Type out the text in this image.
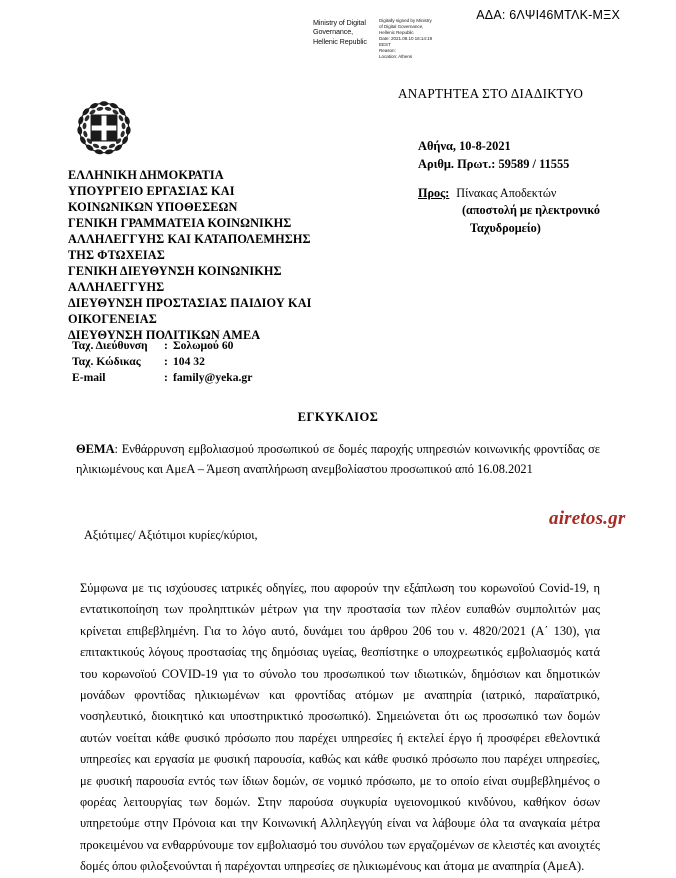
ΑΔΑ: 6ΛΨΙ46ΜΤΛΚ-ΜΞΧ
Ministry of Digital Governance, Hellenic Republic
Digitally signed by Ministry
of Digital Governance,
Hellenic Republic
Date: 2021.08.10 16:14:19
EEST
Reason:
Location: Athens
ΑΝΑΡΤΗΤΕΑ ΣΤΟ ΔΙΑΔΙΚΤΥΟ
Αθήνα, 10-8-2021
Αριθμ. Πρωτ.: 59589 / 11555
Προς: Πίνακας Αποδεκτών
(αποστολή με ηλεκτρονικό
Ταχυδρομείο)
ΕΛΛΗΝΙΚΗ ΔΗΜΟΚΡΑΤΙΑ
ΥΠΟΥΡΓΕΙΟ ΕΡΓΑΣΙΑΣ ΚΑΙ
ΚΟΙΝΩΝΙΚΩΝ ΥΠΟΘΕΣΕΩΝ
ΓΕΝΙΚΗ ΓΡΑΜΜΑΤΕΙΑ ΚΟΙΝΩΝΙΚΗΣ
ΑΛΛΗΛΕΓΓΥΗΣ ΚΑΙ ΚΑΤΑΠΟΛΕΜΗΣΗΣ
ΤΗΣ ΦΤΩΧΕΙΑΣ
ΓΕΝΙΚΗ ΔΙΕΥΘΥΝΣΗ ΚΟΙΝΩΝΙΚΗΣ
ΑΛΛΗΛΕΓΓΥΗΣ
ΔΙΕΥΘΥΝΣΗ ΠΡΟΣΤΑΣΙΑΣ ΠΑΙΔΙΟΥ ΚΑΙ
ΟΙΚΟΓΕΝΕΙΑΣ
ΔΙΕΥΘΥΝΣΗ ΠΟΛΙΤΙΚΩΝ ΑΜΕΑ
Ταχ. Διεύθυνση	: Σολωμού 60
Ταχ. Κώδικας	: 104 32
E-mail	: family@yeka.gr
ΕΓΚΥΚΛΙΟΣ
ΘΕΜΑ: Ενθάρρυνση εμβολιασμού προσωπικού σε δομές παροχής υπηρεσιών κοινωνικής φροντίδας σε ηλικιωμένους και ΑμεΑ – Άμεση αναπλήρωση ανεμβολίαστου προσωπικού από 16.08.2021
airetos.gr
Αξιότιμες/ Αξιότιμοι κυρίες/κύριοι,
Σύμφωνα με τις ισχύουσες ιατρικές οδηγίες, που αφορούν την εξάπλωση του κορωνοϊού Covid-19, η εντατικοποίηση των προληπτικών μέτρων για την προστασία των πλέον ευπαθών συμπολιτών μας κρίνεται επιβεβλημένη. Για το λόγο αυτό, δυνάμει του άρθρου 206 του ν. 4820/2021 (Α΄ 130), για επιτακτικούς λόγους προστασίας της δημόσιας υγείας, θεσπίστηκε ο υποχρεωτικός εμβολιασμός κατά του κορωνοϊού COVID-19 για το σύνολο του προσωπικού των ιδιωτικών, δημόσιων και δημοτικών μονάδων φροντίδας ηλικιωμένων και φροντίδας ατόμων με αναπηρία (ιατρικό, παραϊατρικό, νοσηλευτικό, διοικητικό και υποστηρικτικό προσωπικό). Σημειώνεται ότι ως προσωπικό των δομών αυτών νοείται κάθε φυσικό πρόσωπο που παρέχει υπηρεσίες ή εκτελεί έργο ή προσφέρει εθελοντικά υπηρεσίες και εργασία με φυσική παρουσία, καθώς και κάθε φυσικό πρόσωπο που παρέχει υπηρεσίες, με φυσική παρουσία εντός των ίδιων δομών, σε νομικό πρόσωπο, με το οποίο είναι συμβεβλημένος ο φορέας λειτουργίας των δομών. Στην παρούσα συγκυρία υγειονομικού κινδύνου, καθήκον όσων υπηρετούμε στην Πρόνοια και την Κοινωνική Αλληλεγγύη είναι να λάβουμε όλα τα αναγκαία μέτρα προκειμένου να ενθαρρύνουμε τον εμβολιασμό του συνόλου των εργαζομένων σε κλειστές και ανοιχτές δομές όπου φιλοξενούνται ή παρέχονται υπηρεσίες σε ηλικιωμένους και άτομα με αναπηρία (ΑμεΑ).
